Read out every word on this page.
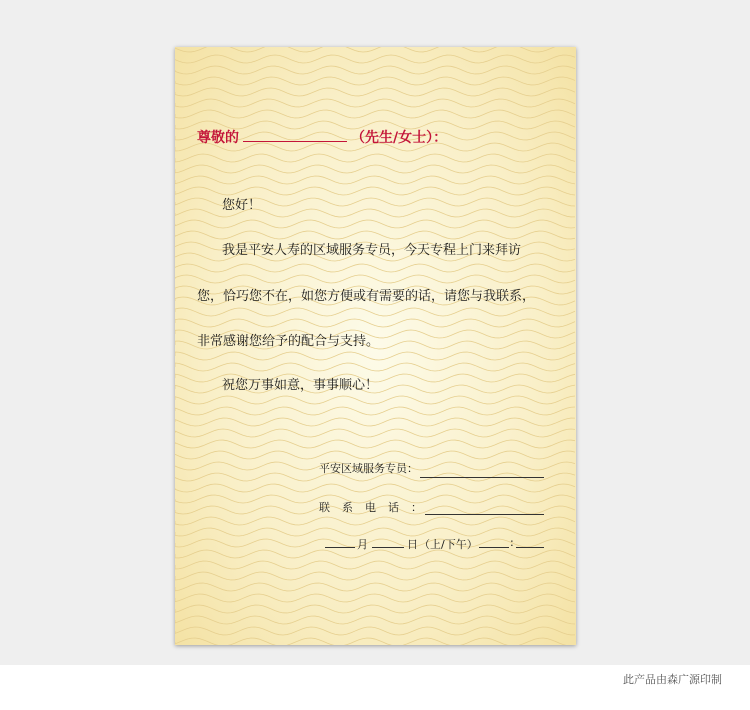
尊敬的	（先生/女士）：
您好！
我是平安人寿的区域服务专员，今天专程上门来拜访
您，恰巧您不在，如您方便或有需要的话，请您与我联系，
非常感谢您给予的配合与支持。
祝您万事如意，事事顺心！
平安区域服务专员：
联系电话：
月	日 （上/下午）	:
此产品由森广源印制
